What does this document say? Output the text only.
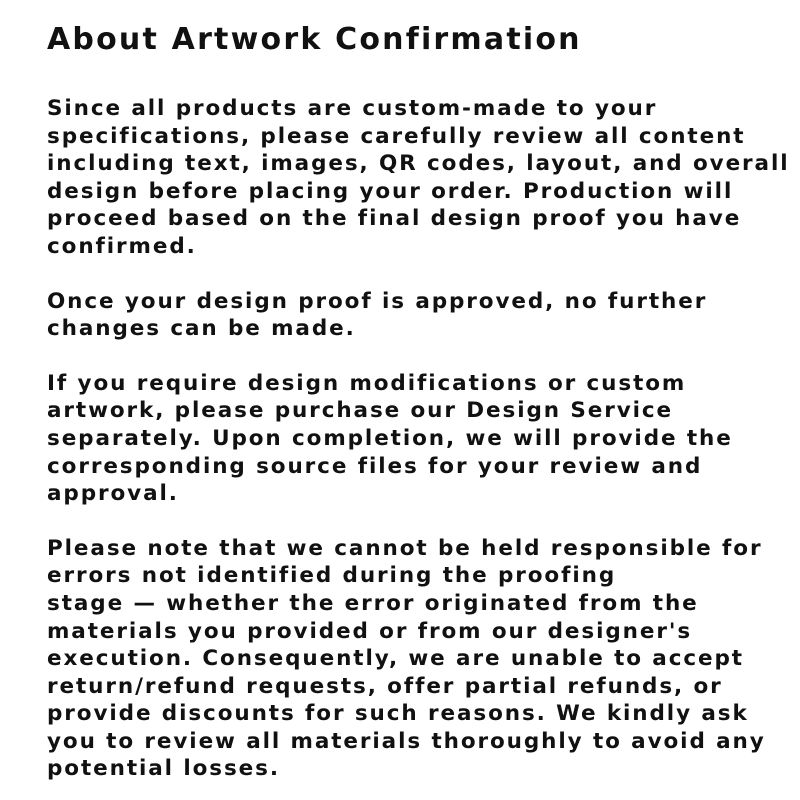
About Artwork Confirmation
Since all products are custom-made to your
specifications, please carefully review all content
including text, images, QR codes, layout, and overall
design before placing your order. Production will
proceed based on the final design proof you have
confirmed.
Once your design proof is approved, no further
changes can be made.
If you require design modifications or custom
artwork, please purchase our Design Service
separately. Upon completion, we will provide the
corresponding source files for your review and
approval.
Please note that we cannot be held responsible for
errors not identified during the proofing
stage — whether the error originated from the
materials you provided or from our designer's
execution. Consequently, we are unable to accept
return/refund requests, offer partial refunds, or
provide discounts for such reasons. We kindly ask
you to review all materials thoroughly to avoid any
potential losses.
